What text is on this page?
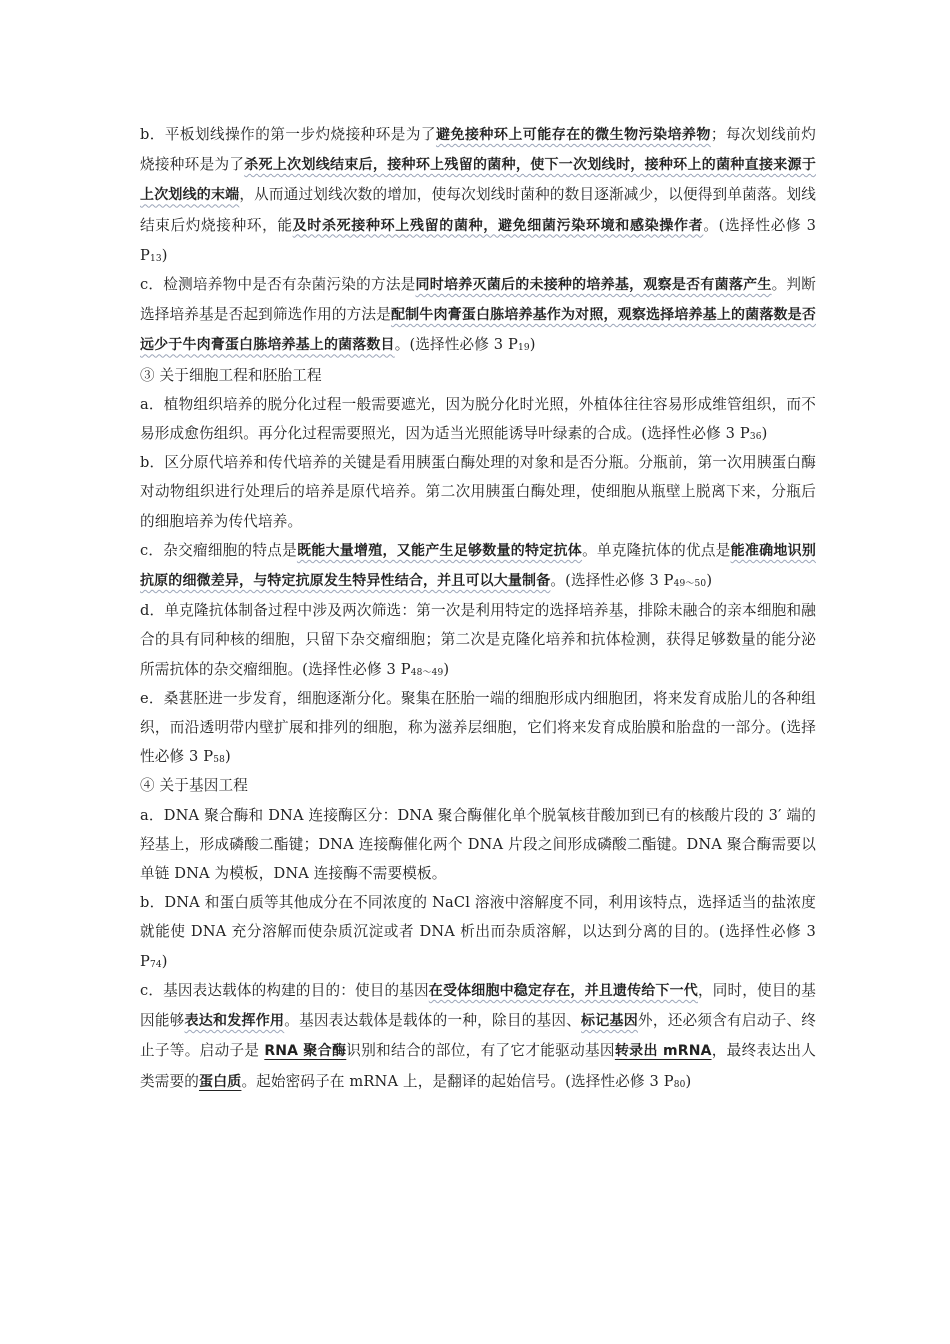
b．平板划线操作的第一步灼烧接种环是为了避免接种环上可能存在的微生物污染培养物；每次划线前灼烧接种环是为了杀死上次划线结束后，接种环上残留的菌种，使下一次划线时，接种环上的菌种直接来源于上次划线的末端，从而通过划线次数的增加，使每次划线时菌种的数目逐渐减少，以便得到单菌落。划线结束后灼烧接种环，能及时杀死接种环上残留的菌种，避免细菌污染环境和感染操作者。(选择性必修 3 $P_{13}$)

c．检测培养物中是否有杂菌污染的方法是同时培养灭菌后的未接种的培养基，观察是否有菌落产生。判断选择培养基是否起到筛选作用的方法是配制牛肉膏蛋白胨培养基作为对照，观察选择培养基上的菌落数是否远少于牛肉膏蛋白胨培养基上的菌落数目。(选择性必修 3 $P_{19}$)

③ 关于细胞工程和胚胎工程

a．植物组织培养的脱分化过程一般需要遮光，因为脱分化时光照，外植体往往容易形成维管组织，而不易形成愈伤组织。再分化过程需要照光，因为适当光照能诱导叶绿素的合成。(选择性必修 3 $P_{36}$)

b．区分原代培养和传代培养的关键是看用胰蛋白酶处理的对象和是否分瓶。分瓶前，第一次用胰蛋白酶对动物组织进行处理后的培养是原代培养。第二次用胰蛋白酶处理，使细胞从瓶壁上脱离下来，分瓶后的细胞培养为传代培养。

c．杂交瘤细胞的特点是既能大量增殖，又能产生足够数量的特定抗体。单克隆抗体的优点是能准确地识别抗原的细微差异，与特定抗原发生特异性结合，并且可以大量制备。(选择性必修 3 $P_{49\sim 50}$)

d．单克隆抗体制备过程中涉及两次筛选：第一次是利用特定的选择培养基，排除未融合的亲本细胞和融合的具有同种核的细胞，只留下杂交瘤细胞；第二次是克隆化培养和抗体检测，获得足够数量的能分泌所需抗体的杂交瘤细胞。(选择性必修 3 $P_{48\sim 49}$)

e．桑葚胚进一步发育，细胞逐渐分化。聚集在胚胎一端的细胞形成内细胞团，将来发育成胎儿的各种组织，而沿透明带内壁扩展和排列的细胞，称为滋养层细胞，它们将来发育成胎膜和胎盘的一部分。(选择性必修 3 $P_{58}$)

④ 关于基因工程

a．DNA 聚合酶和 DNA 连接酶区分：DNA 聚合酶催化单个脱氧核苷酸加到已有的核酸片段的 3′ 端的羟基上，形成磷酸二酯键；DNA 连接酶催化两个 DNA 片段之间形成磷酸二酯键。DNA 聚合酶需要以单链 DNA 为模板，DNA 连接酶不需要模板。

b．DNA 和蛋白质等其他成分在不同浓度的 NaCl 溶液中溶解度不同，利用该特点，选择适当的盐浓度就能使 DNA 充分溶解而使杂质沉淀或者 DNA 析出而杂质溶解，以达到分离的目的。(选择性必修 3 $P_{74}$)

c．基因表达载体的构建的目的：使目的基因在受体细胞中稳定存在，并且遗传给下一代，同时，使目的基因能够表达和发挥作用。基因表达载体是载体的一种，除目的基因、标记基因外，还必须含有启动子、终止子等。启动子是 RNA 聚合酶识别和结合的部位，有了它才能驱动基因转录出 mRNA，最终表达出人类需要的蛋白质。起始密码子在 mRNA 上，是翻译的起始信号。(选择性必修 3 $P_{80}$)
